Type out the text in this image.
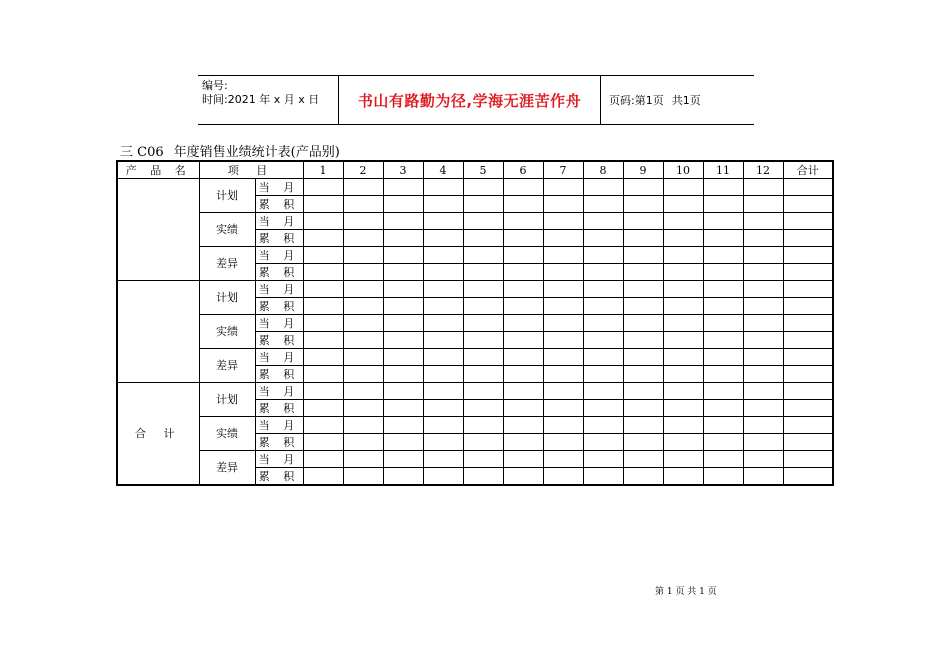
编号:
时间:2021 年 x 月 x 日	书山有路勤为径,学海无涯苦作舟	页码:第1页 共1页
三 C06 年度销售业绩统计表(产品别)
产 品 名	项 目		1	2	3	4	5	6	7	8	9	10	11	12	合计
	计划	当 月													
		累 积													
	实绩	当 月													
		累 积													
	差异	当 月													
		累 积													
	计划	当 月													
		累 积													
	实绩	当 月													
		累 积													
	差异	当 月													
		累 积													
合 计	计划	当 月													
		累 积													
	实绩	当 月													
		累 积													
	差异	当 月													
		累 积													
第 1 页 共 1 页
